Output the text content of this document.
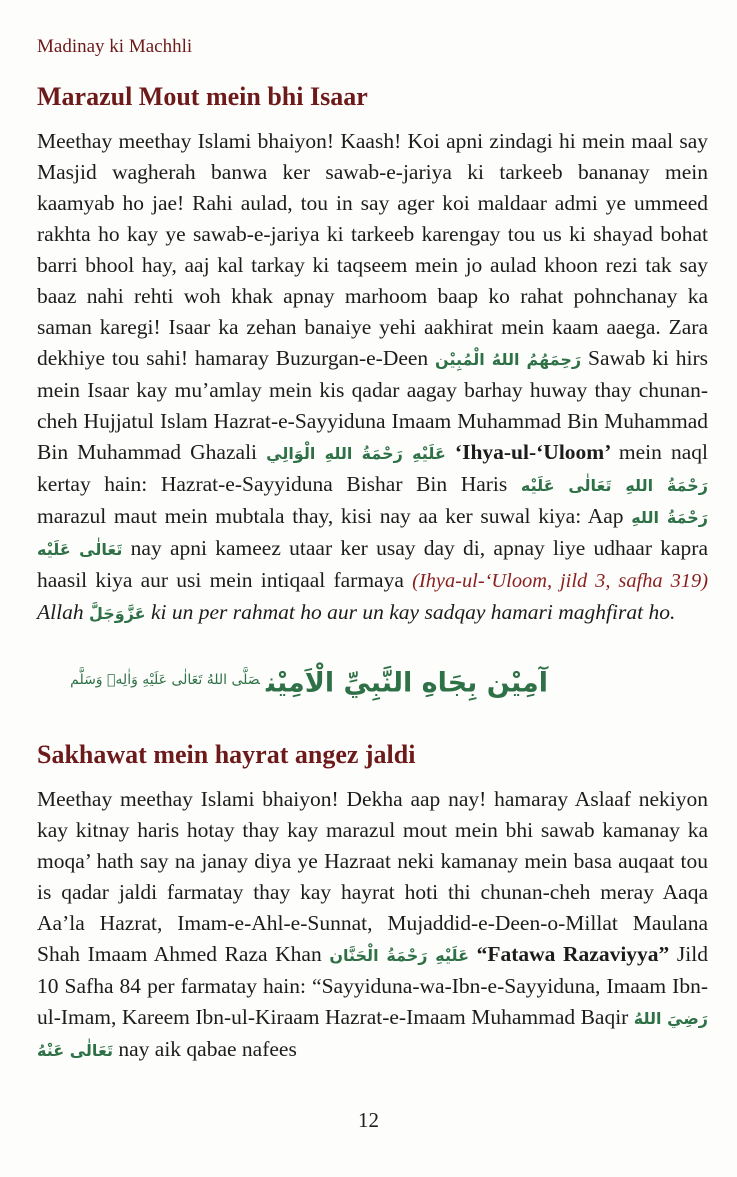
Madinay ki Machhli
Marazul Mout mein bhi Isaar

Meethay meethay Islami bhaiyon! Kaash! Koi apni zindagi hi mein maal say Masjid wagherah banwa ker sawab-e-jariya ki tarkeeb bananay mein kaamyab ho jae! Rahi aulad, tou in say ager koi maldaar admi ye ummeed rakhta ho kay ye sawab-e-jariya ki tarkeeb karengay tou us ki shayad bohat barri bhool hay, aaj kal tarkay ki taqseem mein jo aulad khoon rezi tak say baaz nahi rehti woh khak apnay marhoom baap ko rahat pohnchanay ka saman karegi! Isaar ka zehan banaiye yehi aakhirat mein kaam aaega. Zara dekhiye tou sahi! hamaray Buzurgan-e-Deen رَحِمَهُمُ اللهُ الْمُبِيْن Sawab ki hirs mein Isaar kay mu’amlay mein kis qadar aagay barhay huway thay chunan-cheh Hujjatul Islam Hazrat-e-Sayyiduna Imaam Muhammad Bin Muhammad Bin Muhammad Ghazali عَلَيْهِ رَحْمَةُ اللهِ الْوَالِي ‘Ihya-ul-‘Uloom’ mein naql kertay hain: Hazrat-e-Sayyiduna Bishar Bin Haris رَحْمَةُ اللهِ تَعَالٰى عَلَيْه marazul maut mein mubtala thay, kisi nay aa ker suwal kiya: Aap رَحْمَةُ اللهِ تَعَالٰى عَلَيْه nay apni kameez utaar ker usay day di, apnay liye udhaar kapra haasil kiya aur usi mein intiqaal farmaya (Ihya-ul-‘Uloom, jild 3, safha 319)  Allah عَزَّوَجَلَّ ki un per rahmat ho aur un kay sadqay hamari maghfirat ho.

آمِيْن بِجَاهِ النَّبِيِّ الْاَمِيْنصَلَّى اللهُ تَعَالٰى عَلَيْهِ وَاٰلِهٖ وَسَلَّم
Sakhawat mein hayrat angez jaldi

Meethay meethay Islami bhaiyon! Dekha aap nay! hamaray Aslaaf nekiyon kay kitnay haris hotay thay kay marazul mout mein bhi sawab kamanay ka moqa’ hath say na janay diya ye Hazraat neki kamanay mein basa auqaat tou is qadar jaldi farmatay thay kay hayrat hoti thi chunan-cheh meray Aaqa Aa’la Hazrat, Imam-e-Ahl-e-Sunnat, Mujaddid-e-Deen-o-Millat Maulana Shah Imaam Ahmed Raza Khan عَلَيْهِ رَحْمَةُ الْحَنَّان “Fatawa Razaviyya” Jild 10 Safha 84 per farmatay hain: “Sayyiduna-wa-Ibn-e-Sayyiduna, Imaam Ibn-ul-Imam, Kareem Ibn-ul-Kiraam Hazrat-e-Imaam Muhammad Baqir رَضِيَ اللهُ تَعَالٰى عَنْهُ nay aik qabae nafees

12
